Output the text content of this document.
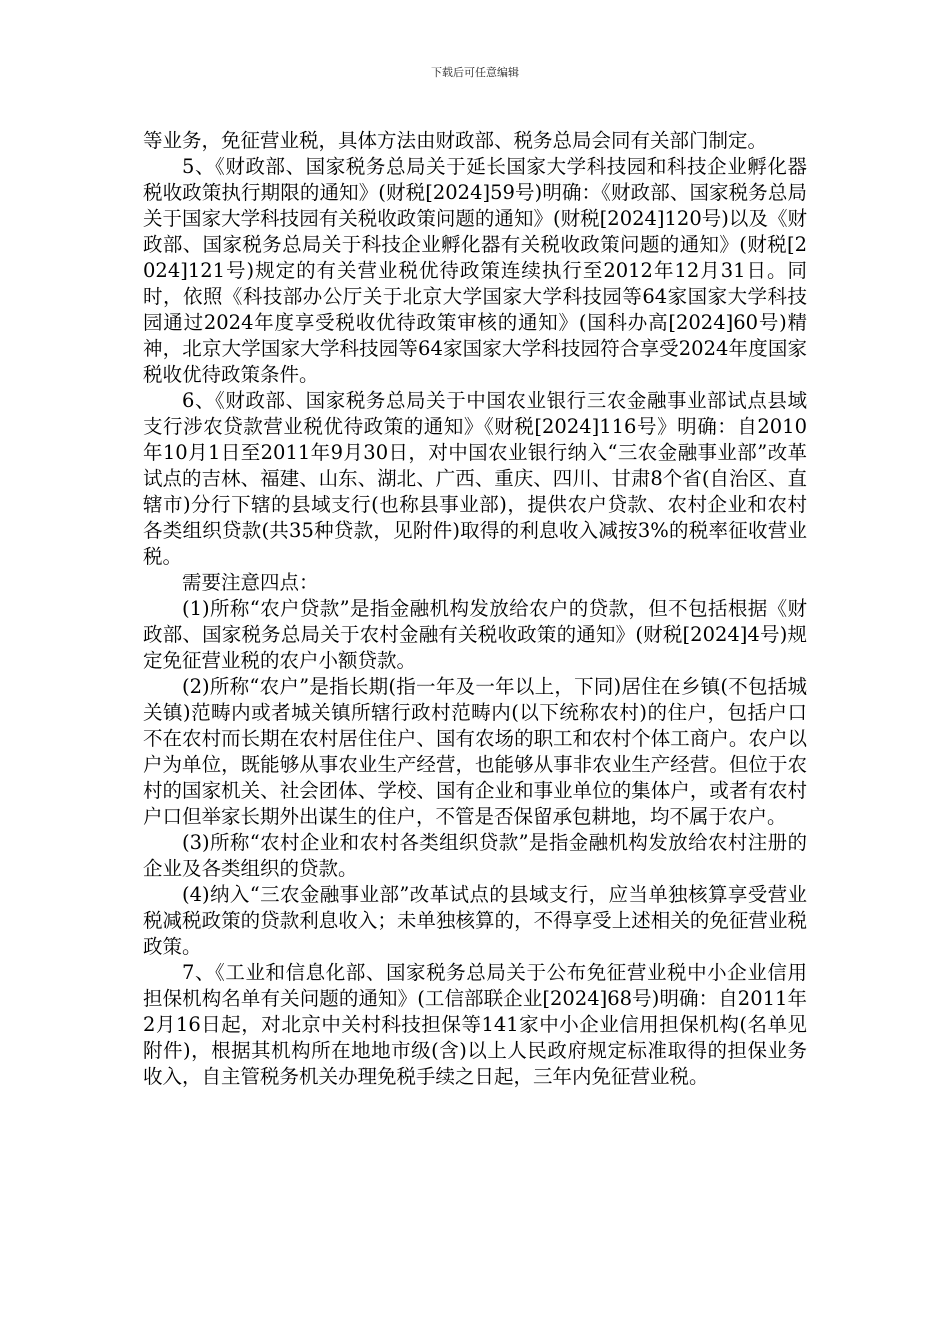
下载后可任意编辑

等业务，免征营业税，具体方法由财政部、税务总局会同有关部门制定。

5、《财政部、国家税务总局关于延长国家大学科技园和科技企业孵化器税收政策执行期限的通知》(财税[2024]59号)明确：《财政部、国家税务总局关于国家大学科技园有关税收政策问题的通知》(财税[2024]120号)以及《财政部、国家税务总局关于科技企业孵化器有关税收政策问题的通知》(财税[2024]121号)规定的有关营业税优待政策连续执行至2012年12月31日。同时，依照《科技部办公厅关于北京大学国家大学科技园等64家国家大学科技园通过2024年度享受税收优待政策审核的通知》(国科办高[2024]60号)精神，北京大学国家大学科技园等64家国家大学科技园符合享受2024年度国家税收优待政策条件。

6、《财政部、国家税务总局关于中国农业银行三农金融事业部试点县域支行涉农贷款营业税优待政策的通知》《财税[2024]116号》明确：自2010年10月1日至2011年9月30日，对中国农业银行纳入“三农金融事业部”改革试点的吉林、福建、山东、湖北、广西、重庆、四川、甘肃8个省(自治区、直辖市)分行下辖的县域支行(也称县事业部)，提供农户贷款、农村企业和农村各类组织贷款(共35种贷款，见附件)取得的利息收入减按3%的税率征收营业税。

需要注意四点：

(1)所称“农户贷款”是指金融机构发放给农户的贷款，但不包括根据《财政部、国家税务总局关于农村金融有关税收政策的通知》(财税[2024]4号)规定免征营业税的农户小额贷款。

(2)所称“农户”是指长期(指一年及一年以上，下同)居住在乡镇(不包括城关镇)范畴内或者城关镇所辖行政村范畴内(以下统称农村)的住户，包括户口不在农村而长期在农村居住住户、国有农场的职工和农村个体工商户。农户以户为单位，既能够从事农业生产经营，也能够从事非农业生产经营。但位于农村的国家机关、社会团体、学校、国有企业和事业单位的集体户，或者有农村户口但举家长期外出谋生的住户，不管是否保留承包耕地，均不属于农户。

(3)所称“农村企业和农村各类组织贷款”是指金融机构发放给农村注册的企业及各类组织的贷款。

(4)纳入“三农金融事业部”改革试点的县域支行，应当单独核算享受营业税减税政策的贷款利息收入；未单独核算的，不得享受上述相关的免征营业税政策。

7、《工业和信息化部、国家税务总局关于公布免征营业税中小企业信用担保机构名单有关问题的通知》(工信部联企业[2024]68号)明确：自2011年2月16日起，对北京中关村科技担保等141家中小企业信用担保机构(名单见附件)，根据其机构所在地地市级(含)以上人民政府规定标准取得的担保业务收入，自主管税务机关办理免税手续之日起，三年内免征营业税。
